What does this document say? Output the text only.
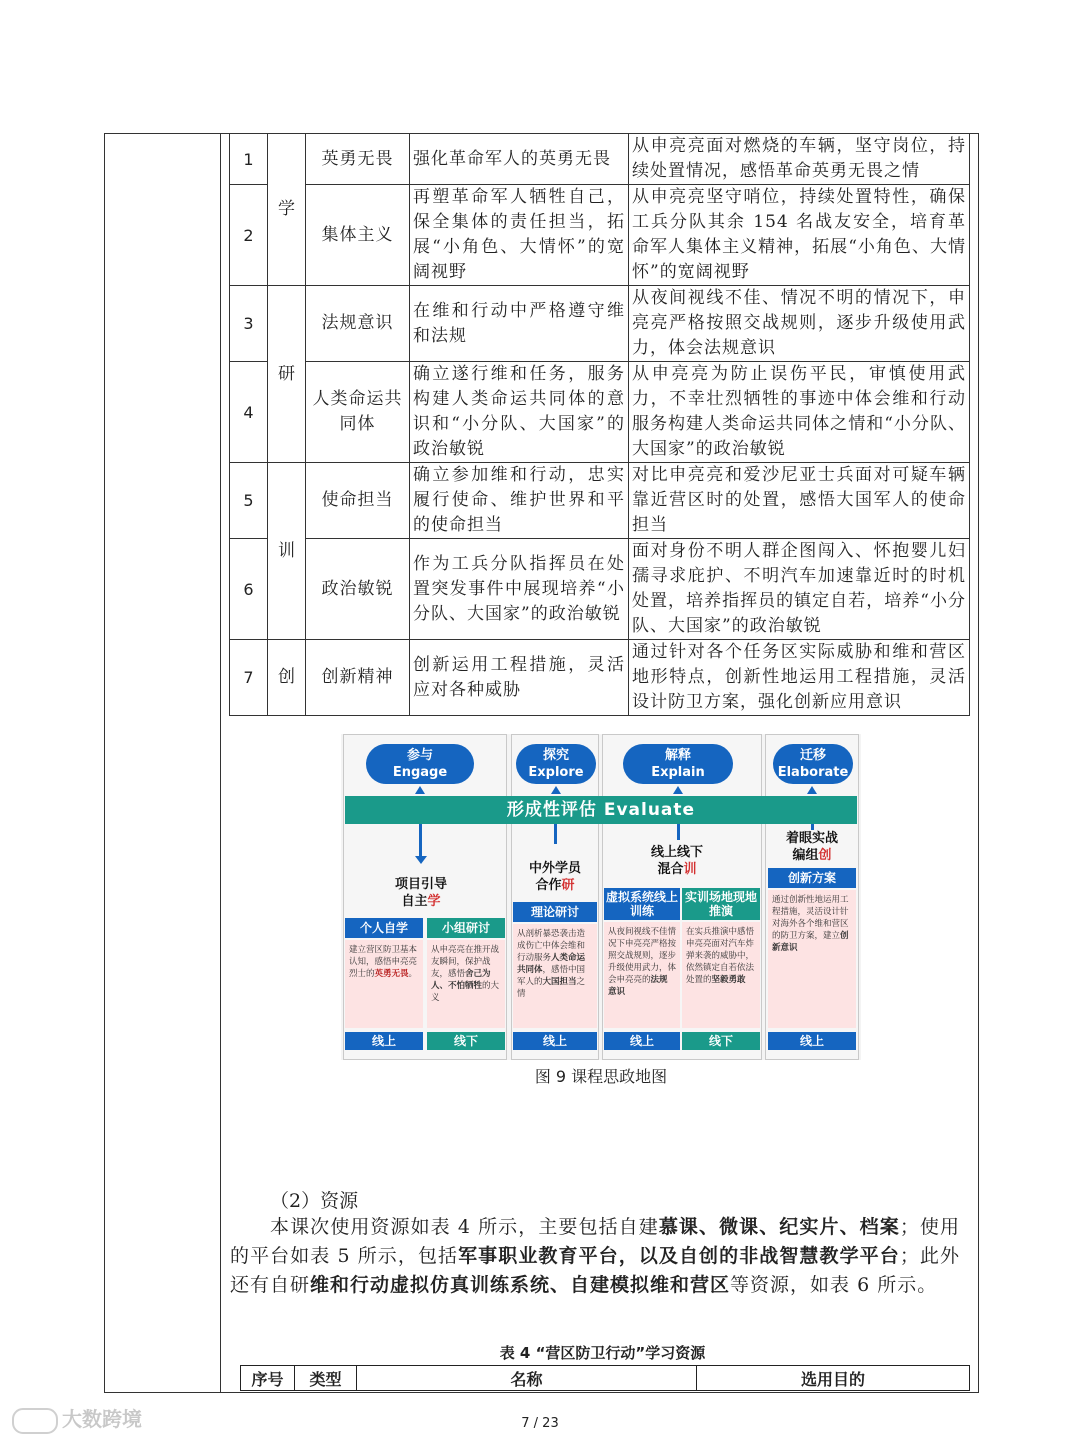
1	学	英勇无畏	强化革命军人的英勇无畏	从申亮亮面对燃烧的车辆，坚守岗位，持续处置情况，感悟革命英勇无畏之情
2		集体主义	再塑革命军人牺牲自己，保全集体的责任担当，拓展“小角色、大情怀”的宽阔视野	从申亮亮坚守哨位，持续处置特性，确保工兵分队其余 154 名战友安全，培育革命军人集体主义精神，拓展“小角色、大情怀”的宽阔视野
3	研	法规意识	在维和行动中严格遵守维和法规	从夜间视线不佳、情况不明的情况下，申亮亮严格按照交战规则，逐步升级使用武力，体会法规意识
4		人类命运共同体	确立遂行维和任务，服务构建人类命运共同体的意识和“小分队、大国家”的政治敏锐	从申亮亮为防止误伤平民，审慎使用武力，不幸壮烈牺牲的事迹中体会维和行动服务构建人类命运共同体之情和“小分队、大国家”的政治敏锐
5	训	使命担当	确立参加维和行动，忠实履行使命、维护世界和平的使命担当	对比申亮亮和爱沙尼亚士兵面对可疑车辆靠近营区时的处置，感悟大国军人的使命担当
6		政治敏锐	作为工兵分队指挥员在处置突发事件中展现培养“小分队、大国家”的政治敏锐	面对身份不明人群企图闯入、怀抱婴儿妇孺寻求庇护、不明汽车加速靠近时的时机处置，培养指挥员的镇定自若，培养“小分队、大国家”的政治敏锐
7	创	创新精神	创新运用工程措施，灵活应对各种威胁	通过针对各个任务区实际威胁和维和营区地形特点，创新性地运用工程措施，灵活设计防卫方案，强化创新应用意识
参与
Engage
探究
Explore
解释
Explain
迁移
Elaborate
形成性评估 Evaluate
项目引导
自主学
中外学员
合作研
线上线下
混合训
着眼实战
编组创
个人自学	小组研讨
理论研讨
虚拟系统线上训练
实训场地现地推演
创新方案
建立营区防卫基本认知，感悟申亮亮烈士的英勇无畏。
从申亮亮在推开战友瞬间，保护战友，感悟舍己为人、不怕牺牲的大义
从剖析暴恐袭击造成伤亡中体会维和行动服务人类命运共同体，感悟中国军人的大国担当之情
从夜间视线不佳情况下申亮亮严格按照交战规则，逐步升级使用武力，体会申亮亮的法规意识
在实兵推演中感悟申亮亮面对汽车炸弹来袭的威胁中，依然镇定自若依法处置的坚毅勇敢
通过创新性地运用工程措施，灵活设计针对海外各个维和营区的防卫方案，建立创新意识
线上	线下	线上	线上	线下	线上
图 9 课程思政地图
（2）资源
本课次使用资源如表 4 所示，主要包括自建慕课、微课、纪实片、档案；使用的平台如表 5 所示，包括军事职业教育平台，以及自创的非战智慧教学平台；此外还有自研维和行动虚拟仿真训练系统、自建模拟维和营区等资源，如表 6 所示。
表 4 “营区防卫行动”学习资源
序号	类型	名称	选用目的
大数跨境	7 / 23
